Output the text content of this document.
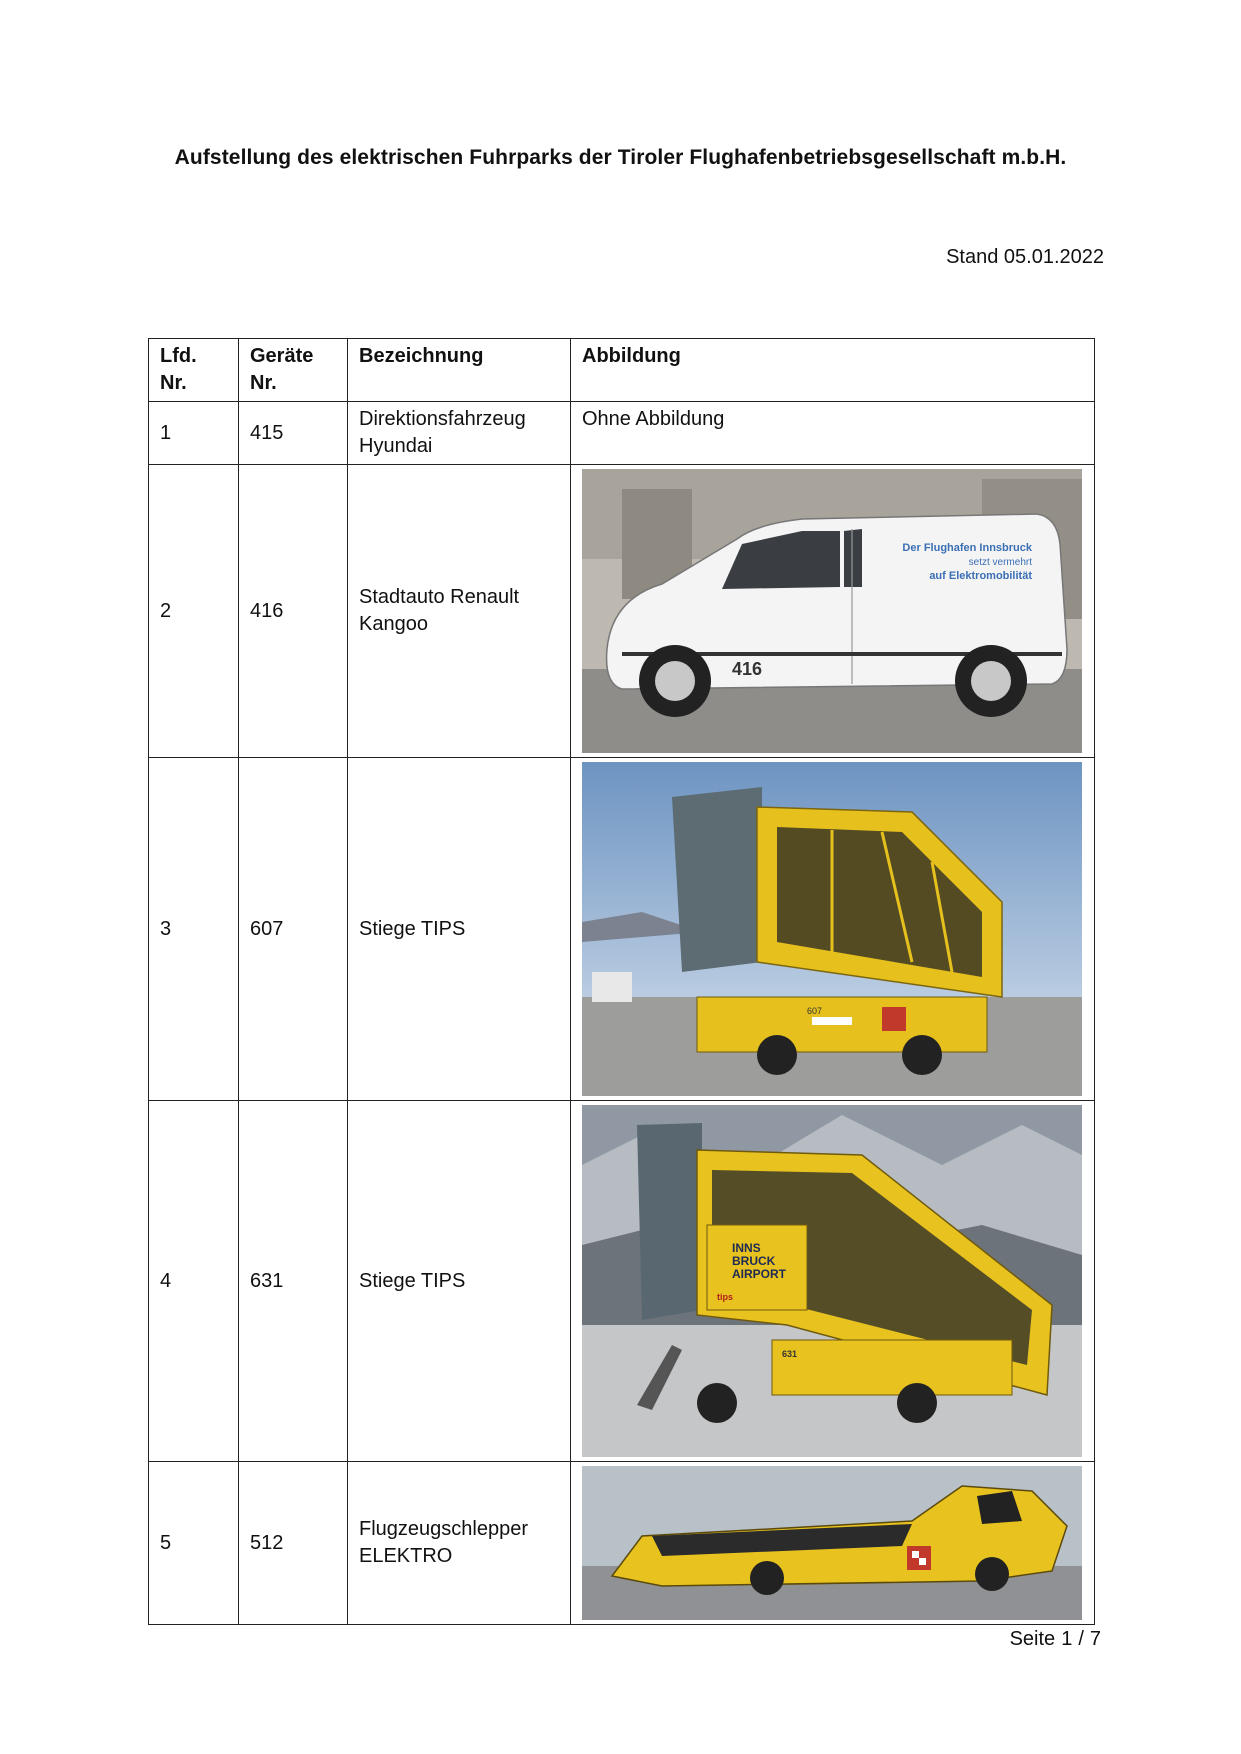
Aufstellung des elektrischen Fuhrparks der Tiroler Flughafenbetriebsgesellschaft m.b.H.
Stand 05.01.2022
Lfd. Nr.	Geräte Nr.	Bezeichnung	Abbildung
1	415	Direktionsfahrzeug Hyundai	Ohne Abbildung
2	416	Stadtauto Renault Kangoo	Der Flughafen Innsbruck
setzt vermehrt
auf Elektromobilität
416

3	607	Stiege TIPS	607

4	631	Stiege TIPS	INNS
BRUCK
AIRPORT
tips
631

5	512	Flugzeugschlepper ELEKTRO	
Seite 1 / 7
